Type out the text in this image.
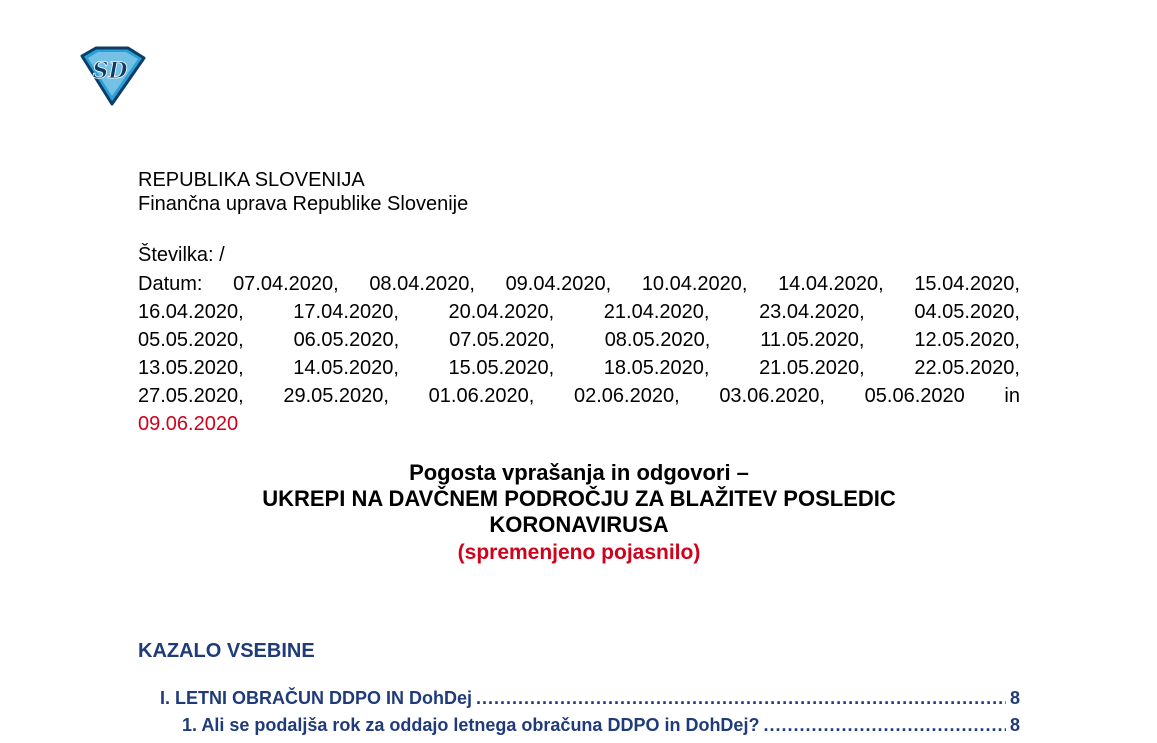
SD
REPUBLIKA SLOVENIJA
Finančna uprava Republike Slovenije
Številka: /
Datum: 07.04.2020, 08.04.2020, 09.04.2020, 10.04.2020, 14.04.2020, 15.04.2020,
16.04.2020, 17.04.2020, 20.04.2020, 21.04.2020, 23.04.2020, 04.05.2020,
05.05.2020, 06.05.2020, 07.05.2020, 08.05.2020, 11.05.2020, 12.05.2020,
13.05.2020, 14.05.2020, 15.05.2020, 18.05.2020, 21.05.2020, 22.05.2020,
27.05.2020, 29.05.2020, 01.06.2020, 02.06.2020, 03.06.2020, 05.06.2020 in
09.06.2020
Pogosta vprašanja in odgovori –
UKREPI NA DAVČNEM PODROČJU ZA BLAŽITEV POSLEDIC
KORONAVIRUSA
(spremenjeno pojasnilo)
KAZALO VSEBINE
I. LETNI OBRAČUN DDPO IN DohDej .....	8
1. Ali se podaljša rok za oddajo letnega obračuna DDPO in DohDej? .....	8
